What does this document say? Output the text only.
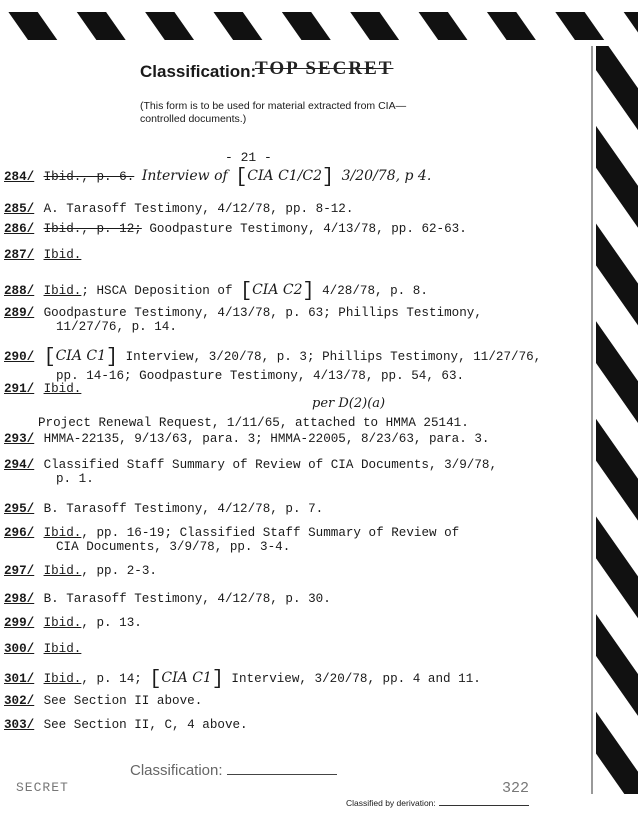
Classification:
TOP SECRET
(This form is to be used for material extracted from CIA—controlled documents.)
- 21 -
284/ Ibid., p. 6. Interview of [CIA C1/C2] 3/20/78, p 4.
285/ A. Tarasoff Testimony, 4/12/78, pp. 8-12.
286/ Ibid., p. 12; Goodpasture Testimony, 4/13/78, pp. 62-63.
287/ Ibid.
288/ Ibid.; HSCA Deposition of [CIA C2] 4/28/78, p. 8.
289/ Goodpasture Testimony, 4/13/78, p. 63; Phillips Testimony,
11/27/76, p. 14.
290/ [CIA C1] Interview, 3/20/78, p. 3; Phillips Testimony, 11/27/76,
pp. 14-16; Goodpasture Testimony, 4/13/78, pp. 54, 63.
291/ Ibid.
per D(2)(a)
Project Renewal Request, 1/11/65, attached to HMMA 25141.
293/ HMMA-22135, 9/13/63, para. 3; HMMA-22005, 8/23/63, para. 3.
294/ Classified Staff Summary of Review of CIA Documents, 3/9/78,
p. 1.
295/ B. Tarasoff Testimony, 4/12/78, p. 7.
296/ Ibid., pp. 16-19; Classified Staff Summary of Review of
CIA Documents, 3/9/78, pp. 3-4.
297/ Ibid., pp. 2-3.
298/ B. Tarasoff Testimony, 4/12/78, p. 30.
299/ Ibid., p. 13.
300/ Ibid.
301/ Ibid., p. 14; [CIA C1] Interview, 3/20/78, pp. 4 and 11.
302/ See Section II above.
303/ See Section II, C, 4 above.
Classification:
SECRET	322
Classified by derivation:
